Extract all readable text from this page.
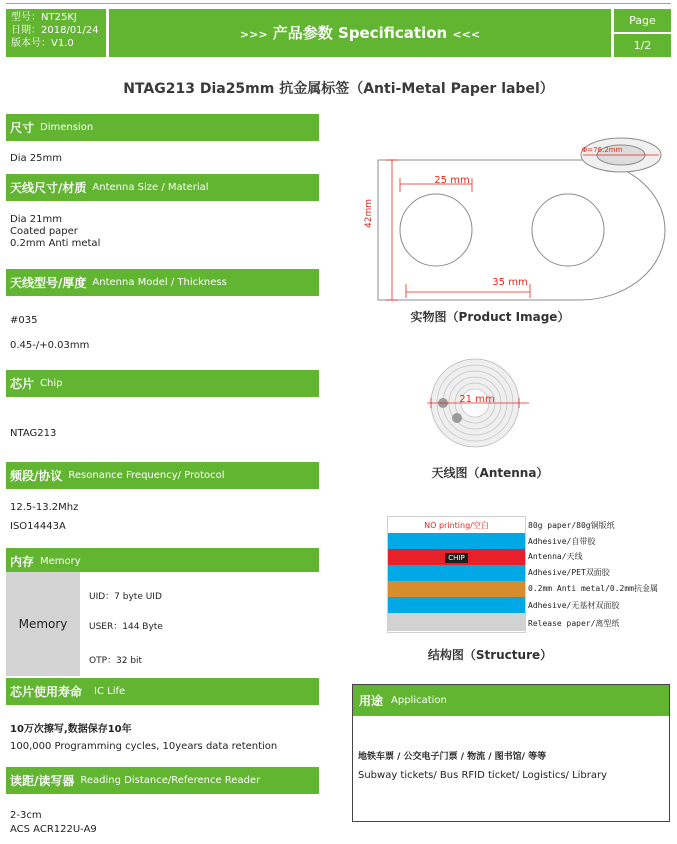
型号：NT25KJ
日期：2018/01/24
版本号：V1.0
>>> 产品参数 Specification <<<
Page
1/2
NTAG213 Dia25mm 抗金属标签（Anti-Metal Paper label）
尺寸 Dimension
Dia 25mm
天线尺寸/材质 Antenna Size / Material
Dia 21mm
Coated paper
0.2mm Anti metal
天线型号/厚度 Antenna Model / Thickness
#035
0.45-/+0.03mm
芯片 Chip
NTAG213
频段/协议 Resonance Frequency/ Protocol
12.5-13.2Mhz
ISO14443A
内存 Memory
Memory
UID：7 byte UID
USER：144 Byte
OTP：32 bit
芯片使用寿命 IC Life
10万次擦写,数据保存10年
100,000 Programming cycles, 10years data retention
读距/读写器 Reading Distance/Reference Reader
2-3cm
ACS ACR122U-A9
Φ=76.2mm
25 mm
42mm
35 mm
实物图（Product Image）
21 mm
天线图（Antenna）
NO printing/空白
CHIP
80g paper/80g铜版纸
Adhesive/自带胶
Antenna/天线
Adhesive/PET双面胶
0.2mm Anti metal/0.2mm抗金属
Adhesive/无基材双面胶
Release paper/离型纸
结构图（Structure）
用途 Application
地铁车票 / 公交电子门票 / 物流 / 图书馆/ 等等
Subway tickets/ Bus RFID ticket/ Logistics/ Library
